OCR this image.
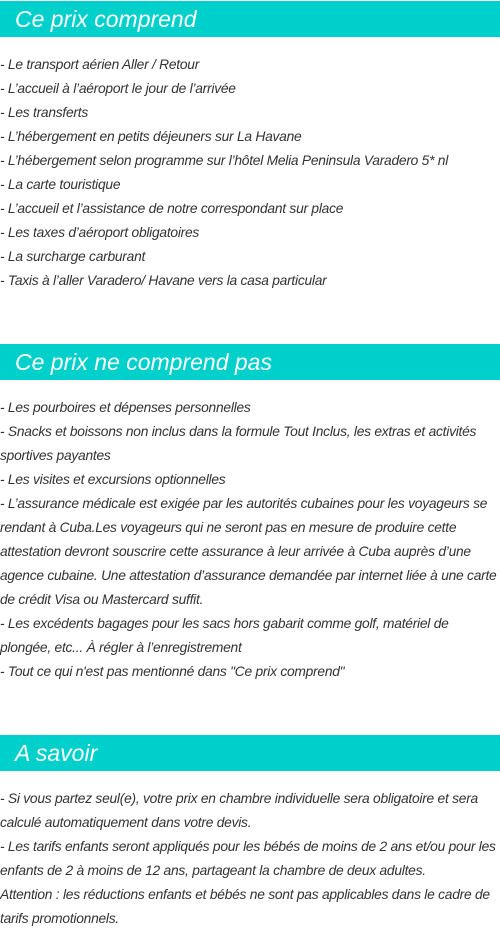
Ce prix comprend
- Le transport aérien Aller / Retour
- L’accueil à l’aéroport le jour de l’arrivée
- Les transferts
- L’hébergement en petits déjeuners sur La Havane
- L’hébergement selon programme sur l’hôtel Melia Peninsula Varadero 5* nl
- La carte touristique
- L’accueil et l’assistance de notre correspondant sur place
- Les taxes d’aéroport obligatoires
- La surcharge carburant
- Taxis à l’aller Varadero/ Havane vers la casa particular
Ce prix ne comprend pas
- Les pourboires et dépenses personnelles
- Snacks et boissons non inclus dans la formule Tout Inclus, les extras et activités sportives payantes
- Les visites et excursions optionnelles
- L’assurance médicale est exigée par les autorités cubaines pour les voyageurs se rendant à Cuba.Les voyageurs qui ne seront pas en mesure de produire cette attestation devront souscrire cette assurance à leur arrivée à Cuba auprès d’une agence cubaine. Une attestation d’assurance demandée par internet liée à une carte de crédit Visa ou Mastercard suffit.
- Les excédents bagages pour les sacs hors gabarit comme golf, matériel de plongée, etc... À régler à l’enregistrement
- Tout ce qui n'est pas mentionné dans "Ce prix comprend"
A savoir
- Si vous partez seul(e), votre prix en chambre individuelle sera obligatoire et sera calculé automatiquement dans votre devis.
- Les tarifs enfants seront appliqués pour les bébés de moins de 2 ans et/ou pour les enfants de 2 à moins de 12 ans, partageant la chambre de deux adultes.
Attention : les réductions enfants et bébés ne sont pas applicables dans le cadre de tarifs promotionnels.
